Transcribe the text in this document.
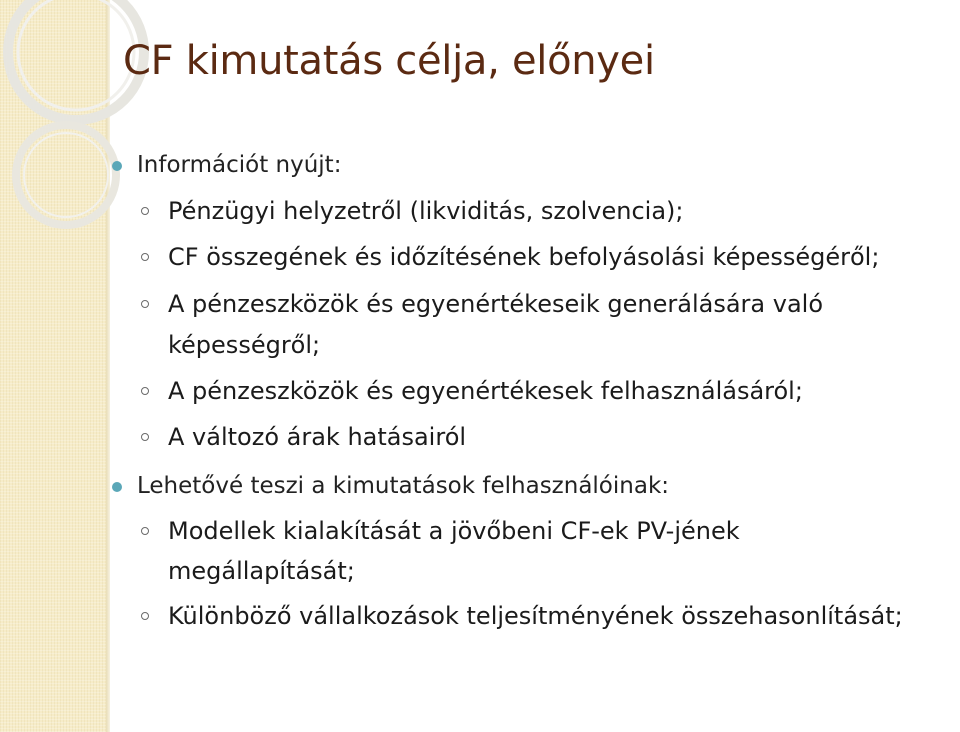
CF kimutatás célja, előnyei
Információt nyújt:
Pénzügyi helyzetről (likviditás, szolvencia);
CF összegének és időzítésének befolyásolási képességéről;
A pénzeszközök és egyenértékeseik generálására való
képességről;
A pénzeszközök és egyenértékesek felhasználásáról;
A változó árak hatásairól
Lehetővé teszi a kimutatások felhasználóinak:
Modellek kialakítását a jövőbeni CF-ek PV-jének
megállapítását;
Különböző vállalkozások teljesítményének összehasonlítását;
